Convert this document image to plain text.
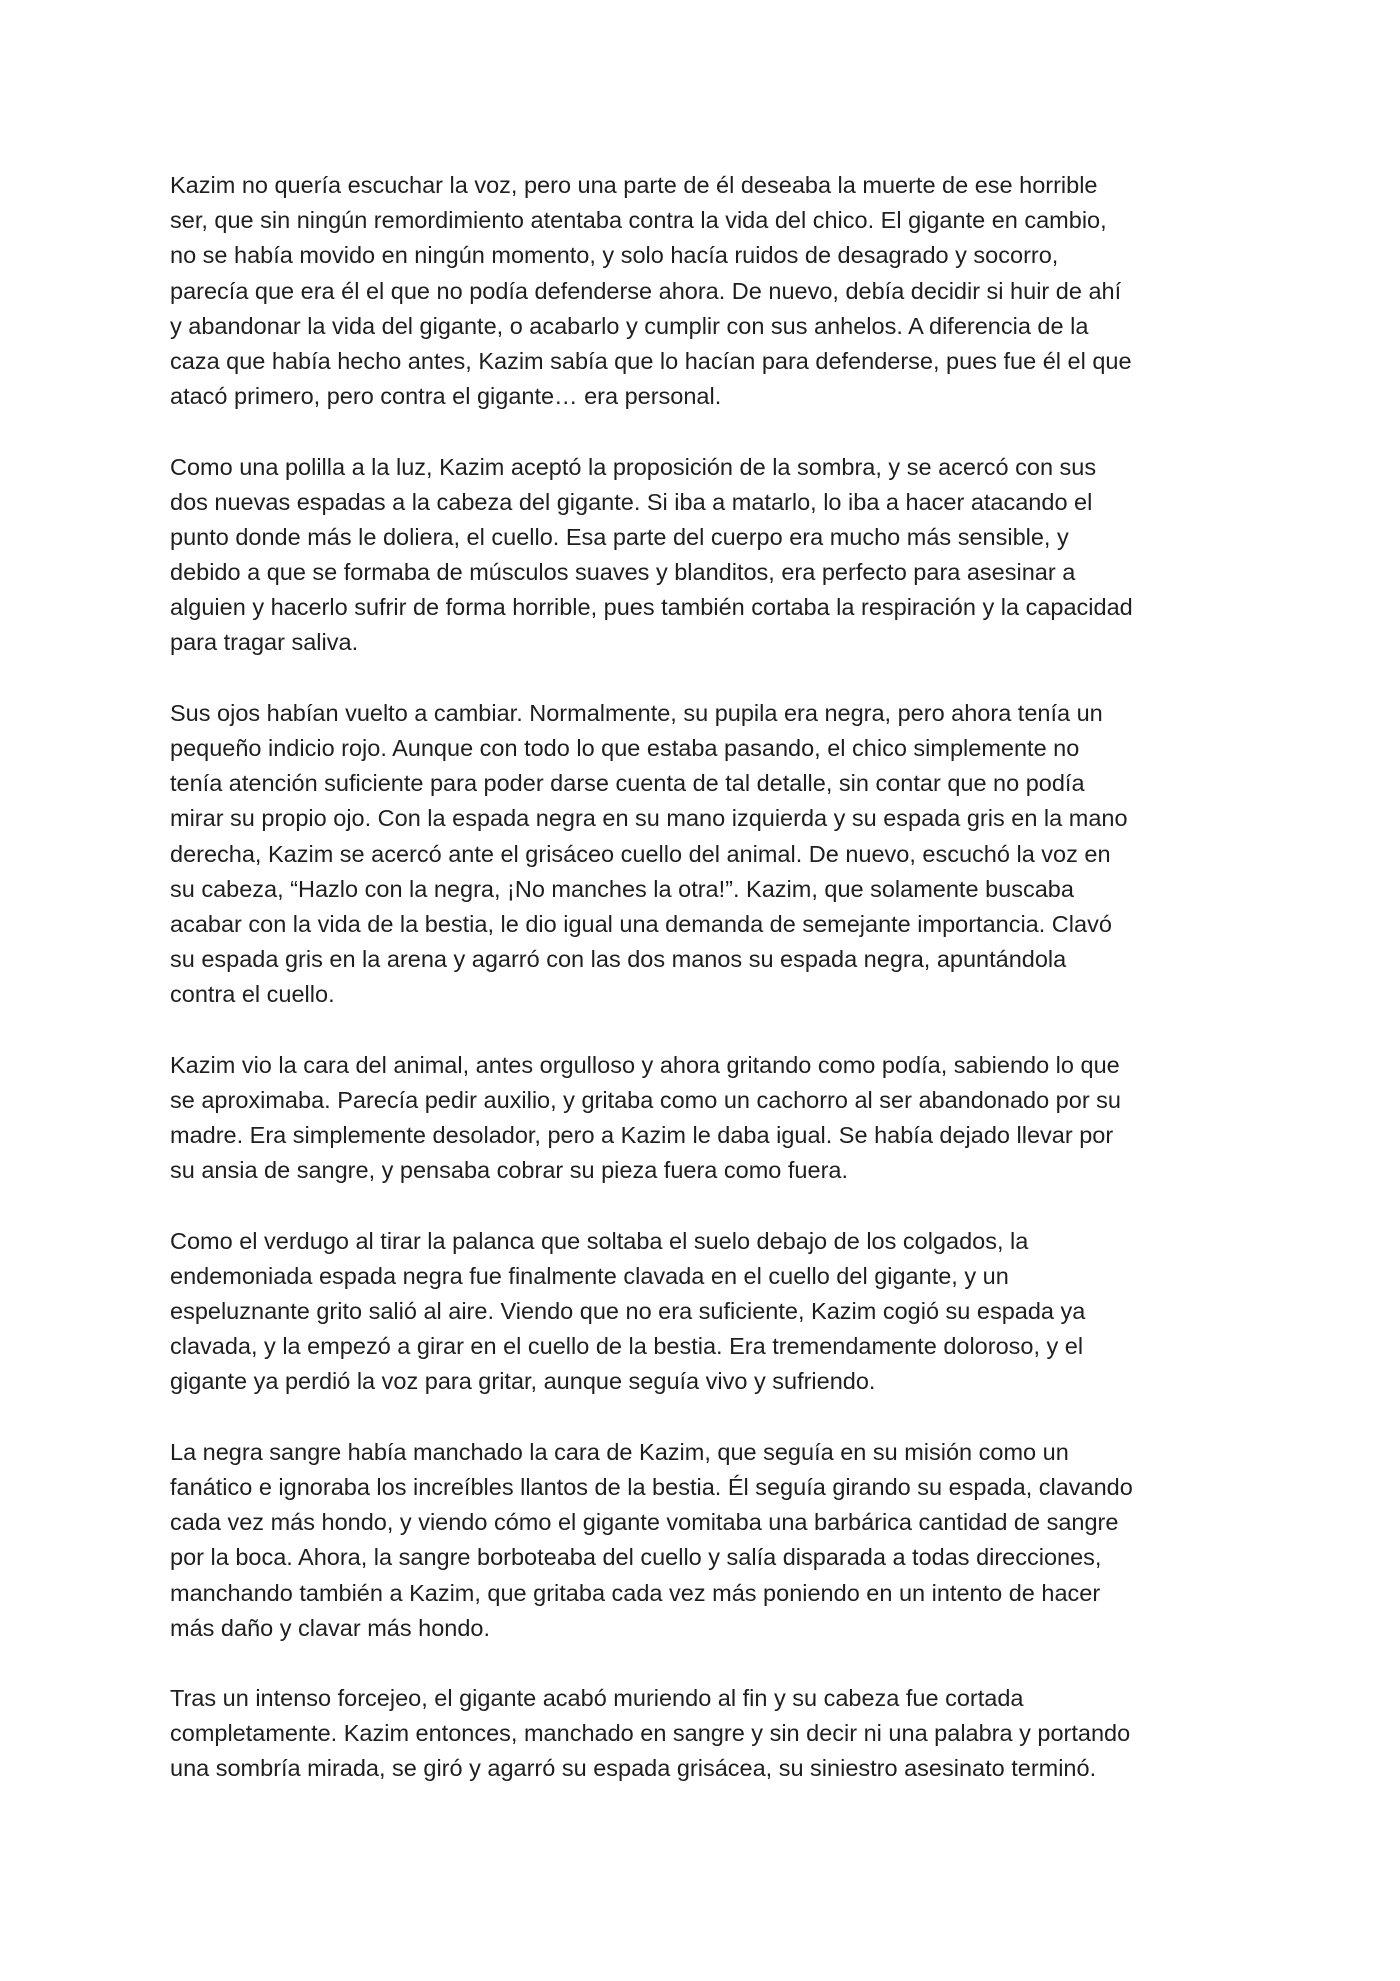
Kazim no quería escuchar la voz, pero una parte de él deseaba la muerte de ese horrible
ser, que sin ningún remordimiento atentaba contra la vida del chico. El gigante en cambio,
no se había movido en ningún momento, y solo hacía ruidos de desagrado y socorro,
parecía que era él el que no podía defenderse ahora. De nuevo, debía decidir si huir de ahí
y abandonar la vida del gigante, o acabarlo y cumplir con sus anhelos. A diferencia de la
caza que había hecho antes, Kazim sabía que lo hacían para defenderse, pues fue él el que
atacó primero, pero contra el gigante… era personal.
Como una polilla a la luz, Kazim aceptó la proposición de la sombra, y se acercó con sus
dos nuevas espadas a la cabeza del gigante. Si iba a matarlo, lo iba a hacer atacando el
punto donde más le doliera, el cuello. Esa parte del cuerpo era mucho más sensible, y
debido a que se formaba de músculos suaves y blanditos, era perfecto para asesinar a
alguien y hacerlo sufrir de forma horrible, pues también cortaba la respiración y la capacidad
para tragar saliva.
Sus ojos habían vuelto a cambiar. Normalmente, su pupila era negra, pero ahora tenía un
pequeño indicio rojo. Aunque con todo lo que estaba pasando, el chico simplemente no
tenía atención suficiente para poder darse cuenta de tal detalle, sin contar que no podía
mirar su propio ojo. Con la espada negra en su mano izquierda y su espada gris en la mano
derecha, Kazim se acercó ante el grisáceo cuello del animal. De nuevo, escuchó la voz en
su cabeza, “Hazlo con la negra, ¡No manches la otra!”. Kazim, que solamente buscaba
acabar con la vida de la bestia, le dio igual una demanda de semejante importancia. Clavó
su espada gris en la arena y agarró con las dos manos su espada negra, apuntándola
contra el cuello.
Kazim vio la cara del animal, antes orgulloso y ahora gritando como podía, sabiendo lo que
se aproximaba. Parecía pedir auxilio, y gritaba como un cachorro al ser abandonado por su
madre. Era simplemente desolador, pero a Kazim le daba igual. Se había dejado llevar por
su ansia de sangre, y pensaba cobrar su pieza fuera como fuera.
Como el verdugo al tirar la palanca que soltaba el suelo debajo de los colgados, la
endemoniada espada negra fue finalmente clavada en el cuello del gigante, y un
espeluznante grito salió al aire. Viendo que no era suficiente, Kazim cogió su espada ya
clavada, y la empezó a girar en el cuello de la bestia. Era tremendamente doloroso, y el
gigante ya perdió la voz para gritar, aunque seguía vivo y sufriendo.
La negra sangre había manchado la cara de Kazim, que seguía en su misión como un
fanático e ignoraba los increíbles llantos de la bestia. Él seguía girando su espada, clavando
cada vez más hondo, y viendo cómo el gigante vomitaba una barbárica cantidad de sangre
por la boca. Ahora, la sangre borboteaba del cuello y salía disparada a todas direcciones,
manchando también a Kazim, que gritaba cada vez más poniendo en un intento de hacer
más daño y clavar más hondo.
Tras un intenso forcejeo, el gigante acabó muriendo al fin y su cabeza fue cortada
completamente. Kazim entonces, manchado en sangre y sin decir ni una palabra y portando
una sombría mirada, se giró y agarró su espada grisácea, su siniestro asesinato terminó.
